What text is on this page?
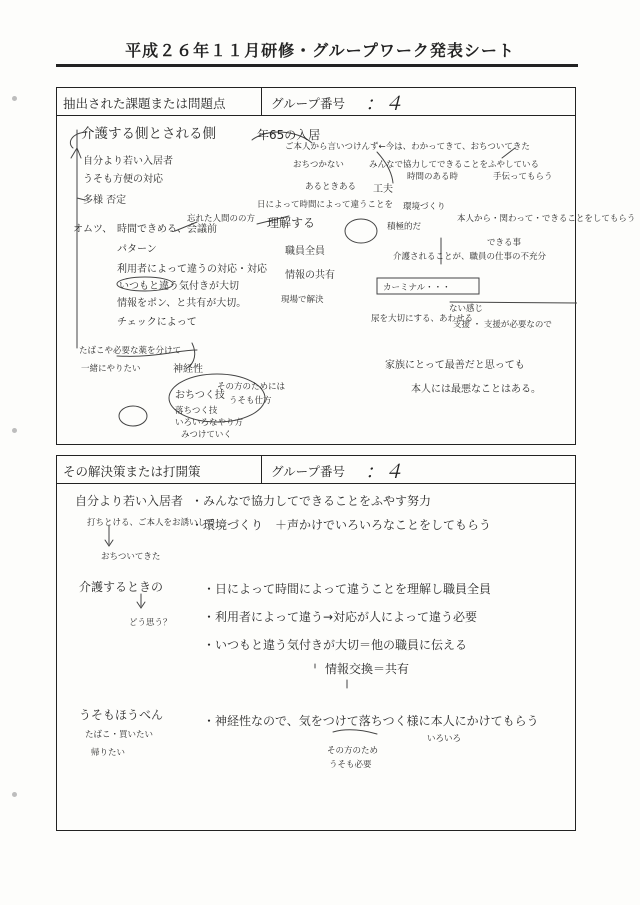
平成２６年１１月研修・グループワーク発表シート
抽出された課題または問題点	グループ番号 ：４
介護する側とされる側	年65の入居
自分より若い入居者
うそも方便の対応
多様 否定
オムツ、 時間できめる、会議前
パターン
利用者によって違うの対応・対応
いつもと違う気付きが大切
情報をポン、と共有が大切。
チェックによって
忘れた人間のの方
日によって時間によって違うことを
理解する
職員全員
情報の共有
現場で解決
ご本人から言いつけんず←今は、わかってきて、おちついてきた
おちつかない
あるときある
みんなで協力してできることをふやしている
環境づくり
工夫
時間のある時	手伝ってもらう
本人から・関わって・できることをしてもらう
積極的だ
できる事
介護されることが、職員の仕事の不充分
カーミナル・・・
尿を大切にする、あわせる
ない感じ
支援 ・ 支援が必要なので
家族にとって最善だと思っても
本人には最悪なことはある。
たばこや必要な薬を分けて
一緒にやりたい	神経性
その方のためには
うそも仕方
おちつく技
落ちつく技
いろいろなやり方
みつけていく
その解決策または打開策	グループ番号 ：４
自分より若い入居者 ・みんなで協力してできることをふやす努力
打ちとける、ご本人をお誘いして
・環境づくり　＋声かけでいろいろなことをしてもらう
おちついてきた
介護するときの
どう思う？
・日によって時間によって違うことを理解し職員全員
・利用者によって違う→対応が人によって違う必要
・いつもと違う気付きが大切＝他の職員に伝える
情報交換＝共有
うそもほうべん
たばこ・買いたい
帰りたい
・神経性なので、気をつけて落ちつく様に本人にかけてもらう
いろいろ
その方のため
うそも必要
